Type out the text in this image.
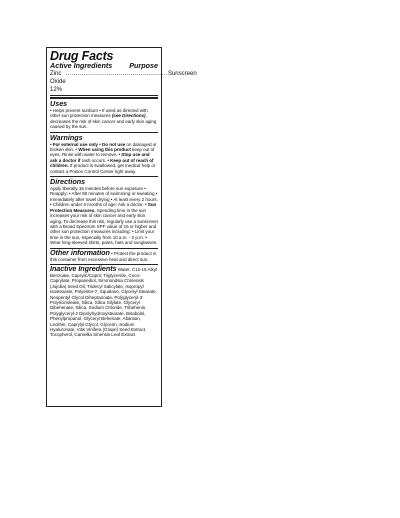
Drug Facts
Active Ingredients Purpose
Zinc Oxide 12%
.................................................... Sunscreen
Uses

• Helps prevent sunburn • If used as directed with other sun protection measures (see Directions), decreases the risk of skin cancer and early skin aging caused by the sun.

Warnings

• For external use only • Do not use on damaged or broken skin. • When using this product keep out of eyes. Rinse with water to remove. • Stop use and ask a doctor if rash occurs. • Keep out of reach of children. If product is swallowed, get medical help or contact a Poison Control Center right away.

Directions

Apply liberally 15 minutes before sun exposure • Reapply: • After 80 minutes of swimming or sweating • Immediately after towel drying • At least every 2 hours. • Children under 6 months of age: Ask a doctor. • Sun Protection Measures. Spending time in the sun increases your risk of skin cancer and early skin aging. To decrease this risk, regularly use a sunscreen with a Broad Spectrum SPF value of 15 or higher and other sun protection measures including: • Limit your time in the sun, especially from 10 a.m. - 2 p.m. • Wear long-sleeved shirts, pants, hats and sunglasses.

Other information • Protect the product in this container from excessive heat and direct sun.

Inactive Ingredients Water, C12-15 Alkyl Benzoate, Caprylic/Capric Triglyceride, Coco-Caprylate, Propanediol, Simmondsia Chinensis (Jojoba) Seed Oil, Tridecyl Salicylate, Isopropyl Isostearate, Polyester-7, Squalane, Glyceryl Stearate, Neopentyl Glycol Diheptanoate, Polyglyceryl-3 Polyricinoleate, Silica, Silica Silylate, Glyceryl Dibehenate, Silica, Sodium Chloride, Tribehenin, Polyglyceryl-2 Dipolyhydroxystearate, Bisabolol, Phenylpropanol, Glyceryl Behenate, Allantoin, Lecithin, Caprylyl Glycol, Glycerin, Sodium Hyaluronate, Vitis Vinifera (Grape) Seed Extract, Tocopherol, Camellia Sinensis Leaf Extract
